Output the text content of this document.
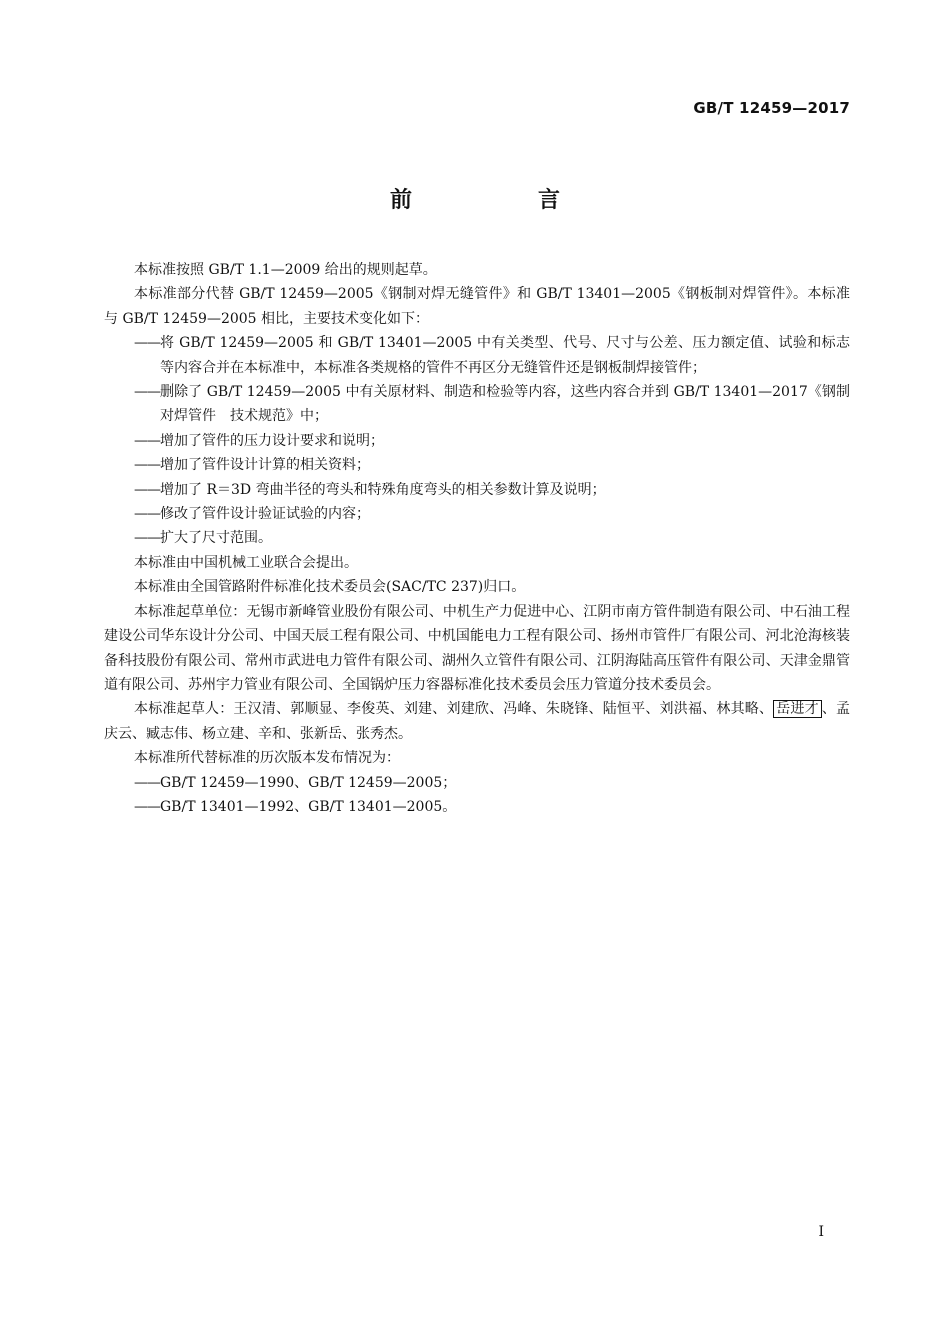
GB/T 12459—2017
前　言
本标准按照 GB/T 1.1—2009 给出的规则起草。
本标准部分代替 GB/T 12459—2005《钢制对焊无缝管件》和 GB/T 13401—2005《钢板制对焊管件》。本标准与 GB/T 12459—2005 相比，主要技术变化如下：
—— 将 GB/T 12459—2005 和 GB/T 13401—2005 中有关类型、代号、尺寸与公差、压力额定值、试验和标志等内容合并在本标准中，本标准各类规格的管件不再区分无缝管件还是钢板制焊接管件；
—— 删除了 GB/T 12459—2005 中有关原材料、制造和检验等内容，这些内容合并到 GB/T 13401—2017《钢制对焊管件　技术规范》中；
—— 增加了管件的压力设计要求和说明；
—— 增加了管件设计计算的相关资料；
—— 增加了 R＝3D 弯曲半径的弯头和特殊角度弯头的相关参数计算及说明；
—— 修改了管件设计验证试验的内容；
—— 扩大了尺寸范围。
本标准由中国机械工业联合会提出。
本标准由全国管路附件标准化技术委员会(SAC/TC 237)归口。
本标准起草单位：无锡市新峰管业股份有限公司、中机生产力促进中心、江阴市南方管件制造有限公司、中石油工程建设公司华东设计分公司、中国天辰工程有限公司、中机国能电力工程有限公司、扬州市管件厂有限公司、河北沧海核装备科技股份有限公司、常州市武进电力管件有限公司、湖州久立管件有限公司、江阴海陆高压管件有限公司、天津金鼎管道有限公司、苏州宇力管业有限公司、全国锅炉压力容器标准化技术委员会压力管道分技术委员会。
本标准起草人：王汉清、郭顺显、李俊英、刘建、刘建欣、冯峰、朱晓锋、陆恒平、刘洪福、林其略、 岳进才 、孟庆云、臧志伟、杨立建、辛和、张新岳、张秀杰。
本标准所代替标准的历次版本发布情况为：
—— GB/T 12459—1990、GB/T 12459—2005；
—— GB/T 13401—1992、GB/T 13401—2005。
I
